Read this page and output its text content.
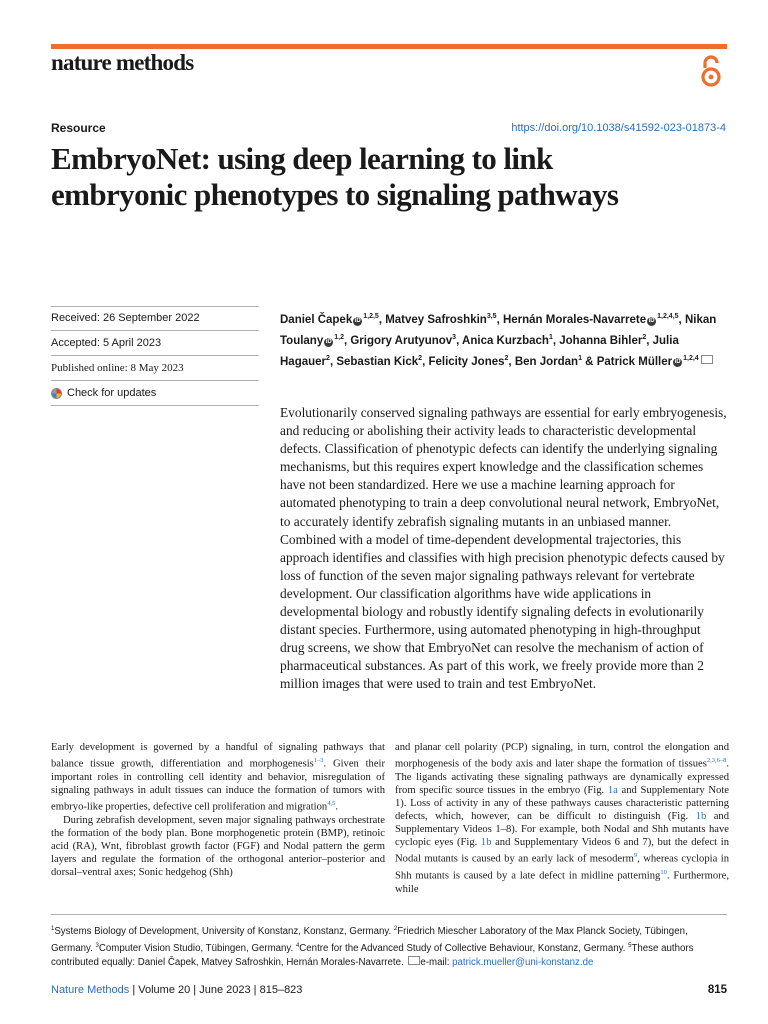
nature methods
Resource	https://doi.org/10.1038/s41592-023-01873-4
EmbryoNet: using deep learning to link embryonic phenotypes to signaling pathways
Received: 26 September 2022
Accepted: 5 April 2023
Published online: 8 May 2023
Check for updates
Daniel Čapek iD$^{1,2,5}$, Matvey Safroshkin$^{3,5}$, Hernán Morales-Navarrete iD$^{1,2,4,5}$, Nikan Toulany iD$^{1,2}$, Grigory Arutyunov$^3$, Anica Kurzbach$^1$, Johanna Bihler$^2$, Julia Hagauer$^2$, Sebastian Kick$^2$, Felicity Jones$^2$, Ben Jordan$^1$ & Patrick Müller iD$^{1,2,4}$
Evolutionarily conserved signaling pathways are essential for early embryogenesis, and reducing or abolishing their activity leads to characteristic developmental defects. Classification of phenotypic defects can identify the underlying signaling mechanisms, but this requires expert knowledge and the classification schemes have not been standardized. Here we use a machine learning approach for automated phenotyping to train a deep convolutional neural network, EmbryoNet, to accurately identify zebrafish signaling mutants in an unbiased manner. Combined with a model of time-dependent developmental trajectories, this approach identifies and classifies with high precision phenotypic defects caused by loss of function of the seven major signaling pathways relevant for vertebrate development. Our classification algorithms have wide applications in developmental biology and robustly identify signaling defects in evolutionarily distant species. Furthermore, using automated phenotyping in high-throughput drug screens, we show that EmbryoNet can resolve the mechanism of action of pharmaceutical substances. As part of this work, we freely provide more than 2 million images that were used to train and test EmbryoNet.

Early development is governed by a handful of signaling pathways that balance tissue growth, differentiation and morphogenesis$^{1-3}$. Given their important roles in controlling cell identity and behavior, misregulation of signaling pathways in adult tissues can induce the formation of tumors with embryo-like properties, defective cell proliferation and migration$^{4,5}$.

During zebrafish development, seven major signaling pathways orchestrate the formation of the body plan. Bone morphogenetic protein (BMP), retinoic acid (RA), Wnt, fibroblast growth factor (FGF) and Nodal pattern the germ layers and regulate the formation of the orthogonal anterior–posterior and dorsal–ventral axes; Sonic hedgehog (Shh)

and planar cell polarity (PCP) signaling, in turn, control the elongation and morphogenesis of the body axis and later shape the formation of tissues$^{2,3,6-8}$. The ligands activating these signaling pathways are dynamically expressed from specific source tissues in the embryo (Fig. 1a and Supplementary Note 1). Loss of activity in any of these pathways causes characteristic patterning defects, which, however, can be difficult to distinguish (Fig. 1b and Supplementary Videos 1–8). For example, both Nodal and Shh mutants have cyclopic eyes (Fig. 1b and Supplementary Videos 6 and 7), but the defect in Nodal mutants is caused by an early lack of mesoderm$^9$, whereas cyclopia in Shh mutants is caused by a late defect in midline patterning$^{10}$. Furthermore, while

$^1$Systems Biology of Development, University of Konstanz, Konstanz, Germany. $^2$Friedrich Miescher Laboratory of the Max Planck Society, Tübingen, Germany. $^3$Computer Vision Studio, Tübingen, Germany. $^4$Centre for the Advanced Study of Collective Behaviour, Konstanz, Germany. $^5$These authors contributed equally: Daniel Čapek, Matvey Safroshkin, Hernán Morales-Navarrete. e-mail: patrick.mueller@uni-konstanz.de
Nature Methods | Volume 20 | June 2023 | 815–823	815
